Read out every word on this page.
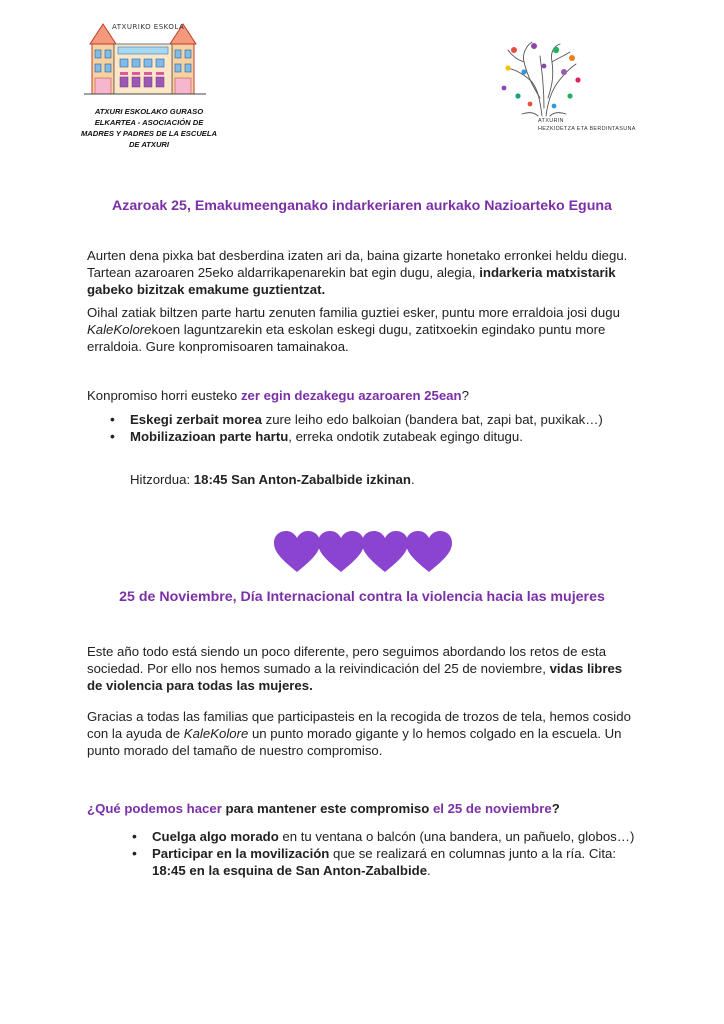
ATXURIKO ESKOLA
ATXURI ESKOLAKO GURASO
ELKARTEA - ASOCIACIÓN DE
MADRES Y PADRES DE LA ESCUELA
DE ATXURI
ATXURIN
HEZKIDETZA ETA BERDINTASUNA
Azaroak 25, Emakumeenganako indarkeriaren aurkako Nazioarteko Eguna

Aurten dena pixka bat desberdina izaten ari da, baina gizarte honetako erronkei heldu diegu. Tartean azaroaren 25eko aldarrikapenarekin bat egin dugu, alegia, indarkeria matxistarik gabeko bizitzak emakume guztientzat.

Oihal zatiak biltzen parte hartu zenuten familia guztiei esker, puntu more erraldoia josi dugu KaleKolorekoen laguntzarekin eta eskolan eskegi dugu, zatitxoekin egindako puntu more erraldoia. Gure konpromisoaren tamainakoa.

Konpromiso horri eusteko zer egin dezakegu azaroaren 25ean?

• Eskegi zerbait morea zure leiho edo balkoian (bandera bat, zapi bat, puxikak…)
• Mobilizazioan parte hartu, erreka ondotik zutabeak egingo ditugu.

Hitzordua: 18:45 San Anton-Zabalbide izkinan.

25 de Noviembre, Día Internacional contra la violencia hacia las mujeres

Este año todo está siendo un poco diferente, pero seguimos abordando los retos de esta sociedad. Por ello nos hemos sumado a la reivindicación del 25 de noviembre, vidas libres de violencia para todas las mujeres.

Gracias a todas las familias que participasteis en la recogida de trozos de tela, hemos cosido con la ayuda de KaleKolore un punto morado gigante y lo hemos colgado en la escuela. Un punto morado del tamaño de nuestro compromiso.

¿Qué podemos hacer para mantener este compromiso el 25 de noviembre?

• Cuelga algo morado en tu ventana o balcón (una bandera, un pañuelo, globos…)
• Participar en la movilización que se realizará en columnas junto a la ría. Cita: 18:45 en la esquina de San Anton-Zabalbide.
